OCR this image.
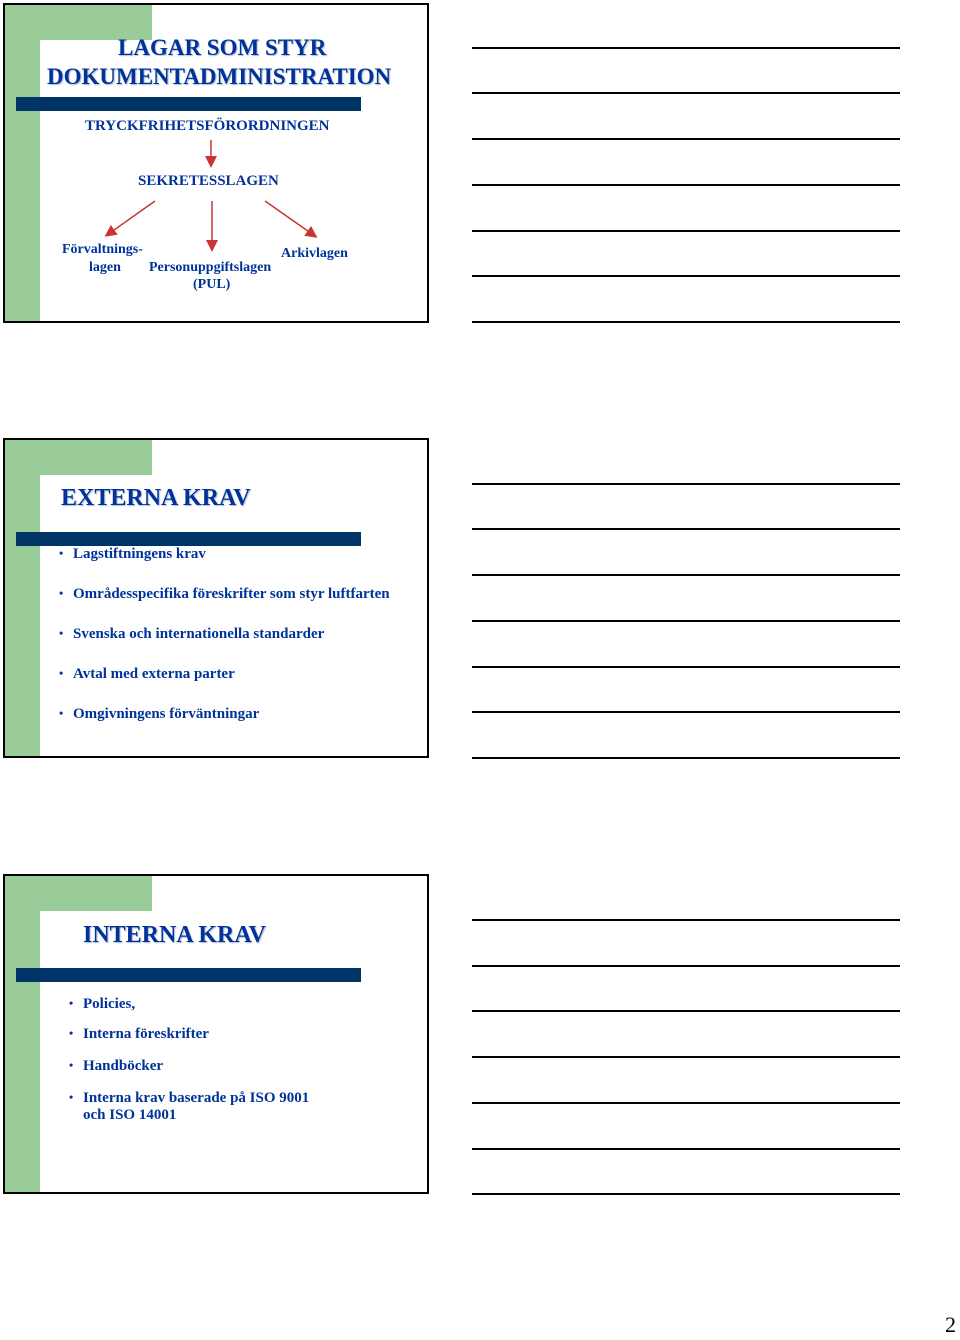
LAGAR SOM STYR
DOKUMENTADMINISTRATION
TRYCKFRIHETSFÖRORDNINGEN
SEKRETESSLAGEN
Förvaltnings-
lagen Personuppgiftslagen
(PUL)
Arkivlagen
EXTERNA KRAV
• Lagstiftningens krav
• Områdesspecifika föreskrifter som styr luftfarten
• Svenska och internationella standarder
• Avtal med externa parter
• Omgivningens förväntningar
INTERNA KRAV
• Policies,
• Interna föreskrifter
• Handböcker
• Interna krav baserade på ISO 9001
och ISO 14001
2
